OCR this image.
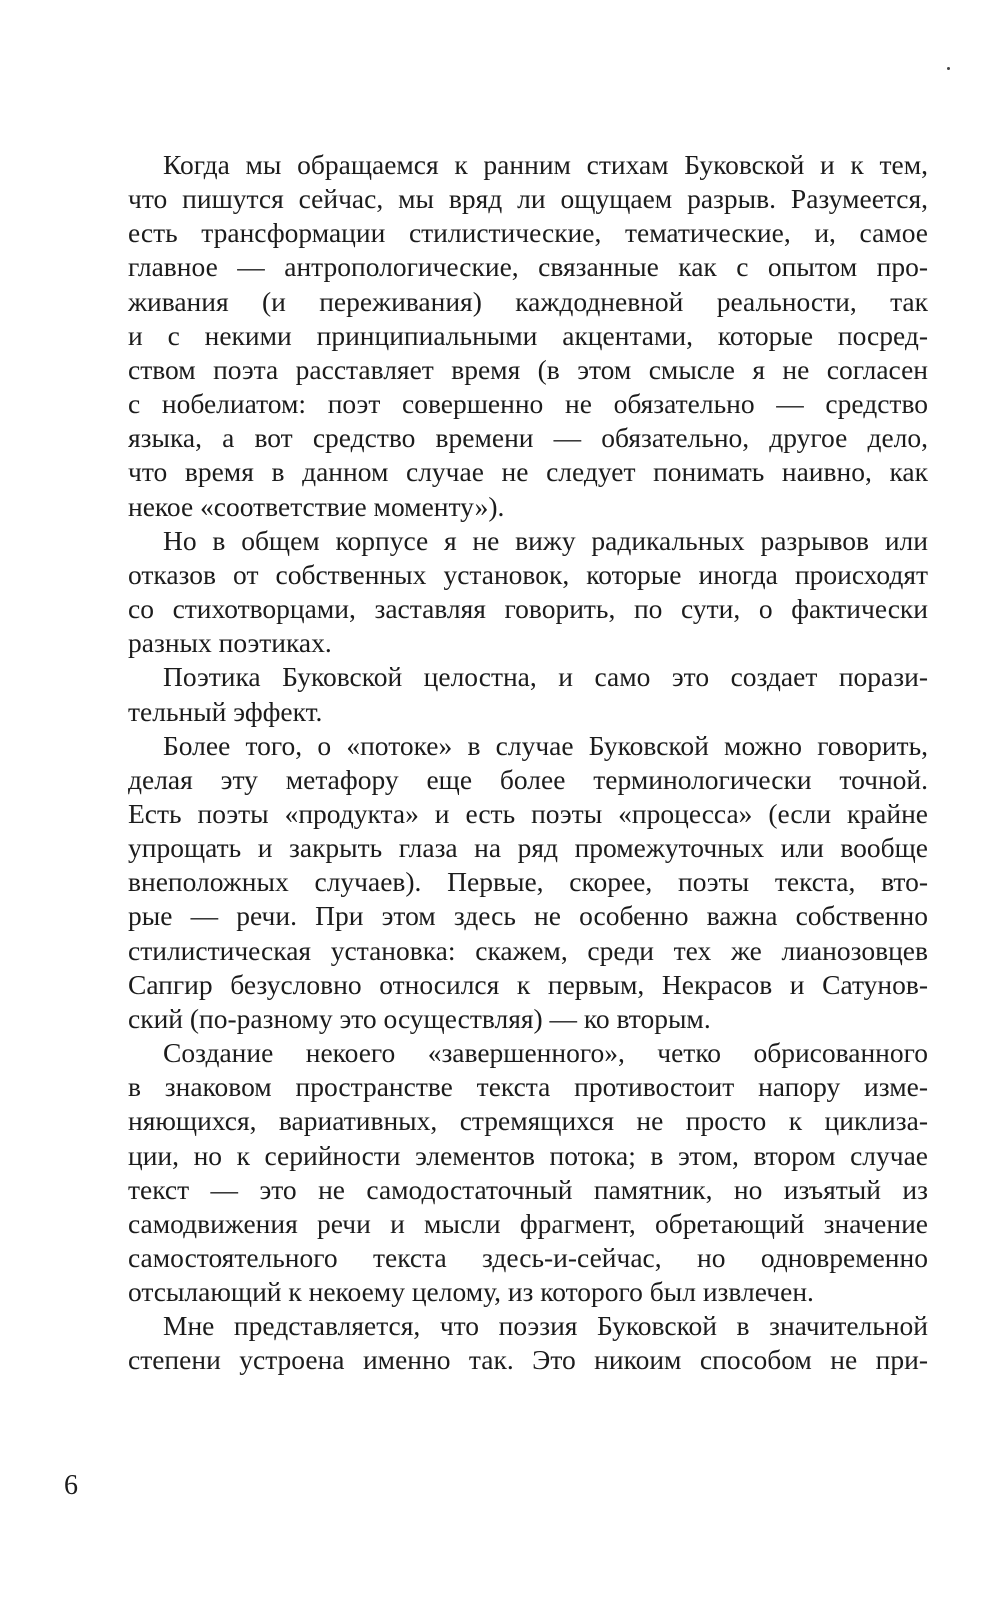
Когда мы обращаемся к ранним стихам Буковской и к тем,
что пишутся сейчас, мы вряд ли ощущаем разрыв. Разумеется,
есть трансформации стилистические, тематические, и, самое
главное — антропологические, связанные как с опытом про-
живания (и переживания) каждодневной реальности, так
и с некими принципиальными акцентами, которые посред-
ством поэта расставляет время (в этом смысле я не согласен
с нобелиатом: поэт совершенно не обязательно — средство
языка, а вот средство времени — обязательно, другое дело,
что время в данном случае не следует понимать наивно, как
некое «соответствие моменту»).

Но в общем корпусе я не вижу радикальных разрывов или
отказов от собственных установок, которые иногда происходят
со стихотворцами, заставляя говорить, по сути, о фактически
разных поэтиках.

Поэтика Буковской целостна, и само это создает порази-
тельный эффект.

Более того, о «потоке» в случае Буковской можно говорить,
делая эту метафору еще более терминологически точной.
Есть поэты «продукта» и есть поэты «процесса» (если крайне
упрощать и закрыть глаза на ряд промежуточных или вообще
внеположных случаев). Первые, скорее, поэты текста, вто-
рые — речи. При этом здесь не особенно важна собственно
стилистическая установка: скажем, среди тех же лианозовцев
Сапгир безусловно относился к первым, Некрасов и Сатунов-
ский (по-разному это осуществляя) — ко вторым.

Создание некоего «завершенного», четко обрисованного
в знаковом пространстве текста противостоит напору изме-
няющихся, вариативных, стремящихся не просто к циклиза-
ции, но к серийности элементов потока; в этом, втором случае
текст — это не самодостаточный памятник, но изъятый из
самодвижения речи и мысли фрагмент, обретающий значение
самостоятельного текста здесь-и-сейчас, но одновременно
отсылающий к некоему целому, из которого был извлечен.

Мне представляется, что поэзия Буковской в значительной
степени устроена именно так. Это никоим способом не при-

6
